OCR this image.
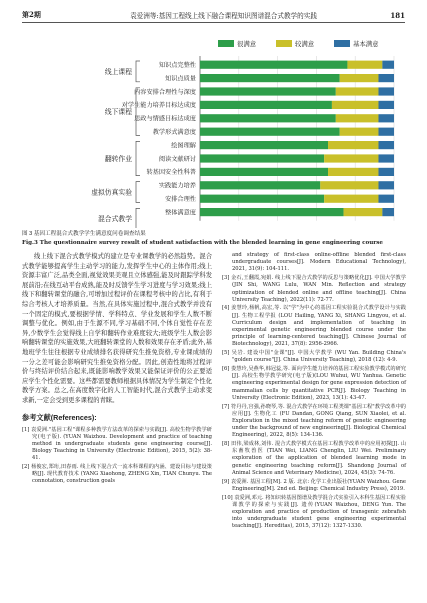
第2期	袁爱洲等:基因工程线上线下融合课程知识图谱混合式教学的实践	181
知识点完整性
知识点质量
内容安排合理性与深度
对学生能力培养目标达成度
思政与情感目标达成度
教学形式满意度
绘图理解
阅读文献研讨
转基因安全性科普
实践能力培养
安排合理性
整体满意度
线上课程
线下课程
翻转作业
虚拟仿真实验
混合式教学
很满意	较满意	基本满意
图 3 基因工程混合式教学学生满意度问卷调查结果
Fig.3 The questionnaire survey result of student satisfaction with the blended learning in gene engineering course

线上线下混合式教学模式的建立是专业课教学的必然趋势。混合式教学能够提高学生主动学习的能力,发挥学生中心的主体作用;线上资源丰富广泛,品类全面,视觉效果美观且立体感强,能及时跟踪学科发展前沿;在线互动平台成熟,能及时反馈学生学习进度与学习效果;线上线下和翻转课堂的融合,可增加过程评价在课程考核中的占比,有利于综合考核人才培养质量。当然,在具体实施过程中,混合式教学并没有一个固定的模式,要根据学情、学科特点、学业发展和学生人数不断调整与优化。例如,由于生源不同,学习基础不同,个体自觉性存在差异,少数学生会觉得线上自学和翻转作业难度较大;班级学生人数会影响翻转课堂的实施效果,大班翻转课堂的人数和效果存在矛盾;此外,基地班学生往往根据专业成绩排名获得研究生推免资格,专业课成绩的一分之差可能会影响研究生推免资格分配。因此,创造性地将过程评价与终结评价结合起来,既能影响教学效果又能保证评价的公正要适应学生个性化需要。这些都需要教师根据具体情况为学生制定个性化教学方案。总之,在高度数字化的人工智能时代,混合式教学主动求变求新,一定会受到更多课程的青睐。

参考文献(References):

[1] 袁爱洲."基因工程"课程多种教学方法改革的探索与实践[J]. 高校生物学教学研究(电子版). (YUAN Waizhou. Development and practice of teaching method in undergraduate students gene engineering course[J]. Biology Teaching in University (Electronic Edition), 2015, 5(2): 38-41.

[2] 杨俊宏,郑珩,田春雨. 线上线下混合式一流本科课程的内涵、建设目标与建设策略[J]. 现代教育技术 (YANG Xiaohong, ZHENG Xin, TIAN Chunyu. The connotation, construction goals

and strategy of first-class online-offline blended first-class undergraduate courses[J]. Modern Educational Technology), 2021, 31(9): 104-111.

[3] 金石,王翻霞,宛娟. 线上线下混合式教学的反思与策略优化[J]. 中国大学教学 (JIN Shi, WANG Lulu, WAN Min. Reflection and strategy optimization of blended online and offline teaching[J]. China University Teaching), 2022(11): 72-77.

[4] 姜慧玲,杨帆,高宏,等. 以"学"为中心的基因工程实验混合式教学设计与实践[J]. 生物工程学报 (LOU Hailing, YANG Xi, SHANG Lingyou, et al. Curriculum design and implementation of teaching in experimental genetic engineering blended course under the principle of learning-centered teaching[J]. Chinese Journal of Biotechnology), 2021, 37(8): 2956-2966.

[5] 吴岩. 建设中国"金课"[J]. 中国大学教学 (WU Yan. Building China's "golden course"[J]. China University Teaching), 2018 (12): 4-9.

[6] 娄慧玲,吴燕华,韩冠蕊,等. 面向学生能力培养的基因工程实验教学模式的研究[J]. 高校生物学教学研究(电子版)(LOU Wuhui, WU Yanhua. Genetic engineering experimental design for gene expression detection of mammalian cells by quantitative PCR[J]. Biology Teaching in University (Electronic Edition), 2023, 13(1): 43-47.

[7] 符丹丹,宫强,孙晓琴,等. 混合式教学在环境工程类课"基因工程"教学改革中的应用[J]. 生物化工 (FU Dandan, GONG Qiang, SUN Xiaolei, et al. Exploration in the mixed teaching reform of genetic engineering under the background of new engineering[J]. Biological Chemical Engineering), 2022, 8(5): 134-136.

[8] 田伟,梁成林,刘伟. 混合式教学模式在基因工程教学改革中的应用初探[J]. 山东畜牧兽医 (TIAN Wei, LIANG Chenglin, LIU Wei. Preliminary exploration of the application of blended learning mode in genetic engineering teaching reform[J]. Shandong Journal of Animal Science and Veterinary Medicine), 2024, 45(3): 74-76.

[9] 袁爱洲. 基因工程[M]. 2 版. 北京: 化学工业出版社(YUAN Waizhou. Gene Engineering[M]. 2nd ed. Beijing: Chemical Industry Press), 2019.

[10] 袁爱洲,邓元. 将知识转基因图谱及教学混合式实验引入本科生基因工程实验课教学的探索与实践[J]. 遗传(YUAN Waizhou, DENG Yun. The exploration and practice of production of transgenic zebrafish into undergraduate student gene engineering experimental teaching[J]. Hereditas), 2015, 37(12): 1327-1330.
